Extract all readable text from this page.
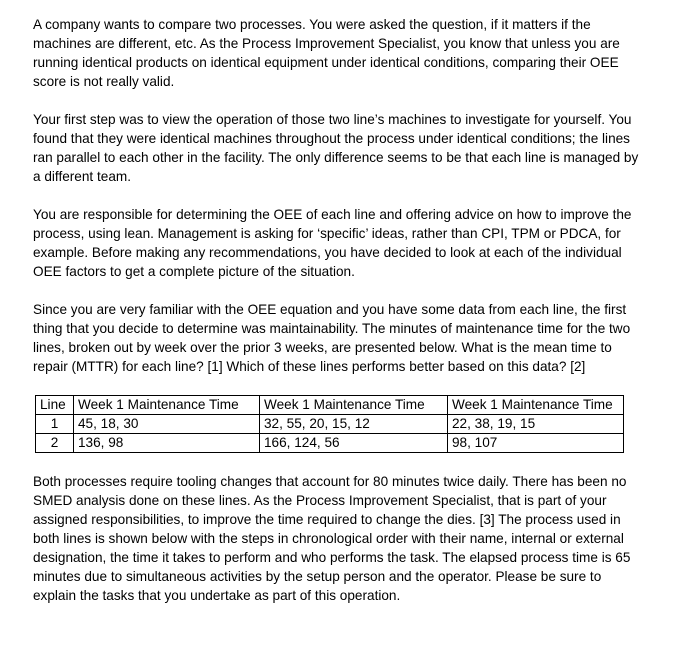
A company wants to compare two processes. You were asked the question, if it matters if the machines are different, etc. As the Process Improvement Specialist, you know that unless you are running identical products on identical equipment under identical conditions, comparing their OEE score is not really valid.

Your first step was to view the operation of those two line’s machines to investigate for yourself. You found that they were identical machines throughout the process under identical conditions; the lines ran parallel to each other in the facility. The only difference seems to be that each line is managed by a different team.

You are responsible for determining the OEE of each line and offering advice on how to improve the process, using lean. Management is asking for ‘specific’ ideas, rather than CPI, TPM or PDCA, for example. Before making any recommendations, you have decided to look at each of the individual OEE factors to get a complete picture of the situation.

Since you are very familiar with the OEE equation and you have some data from each line, the first thing that you decide to determine was maintainability. The minutes of maintenance time for the two lines, broken out by week over the prior 3 weeks, are presented below. What is the mean time to repair (MTTR) for each line? [1] Which of these lines performs better based on this data? [2]

Line	Week 1 Maintenance Time	Week 1 Maintenance Time	Week 1 Maintenance Time
1	45, 18, 30	32, 55, 20, 15, 12	22, 38, 19, 15
2	136, 98	166, 124, 56	98, 107

Both processes require tooling changes that account for 80 minutes twice daily. There has been no SMED analysis done on these lines. As the Process Improvement Specialist, that is part of your assigned responsibilities, to improve the time required to change the dies. [3] The process used in both lines is shown below with the steps in chronological order with their name, internal or external designation, the time it takes to perform and who performs the task. The elapsed process time is 65 minutes due to simultaneous activities by the setup person and the operator. Please be sure to explain the tasks that you undertake as part of this operation.
